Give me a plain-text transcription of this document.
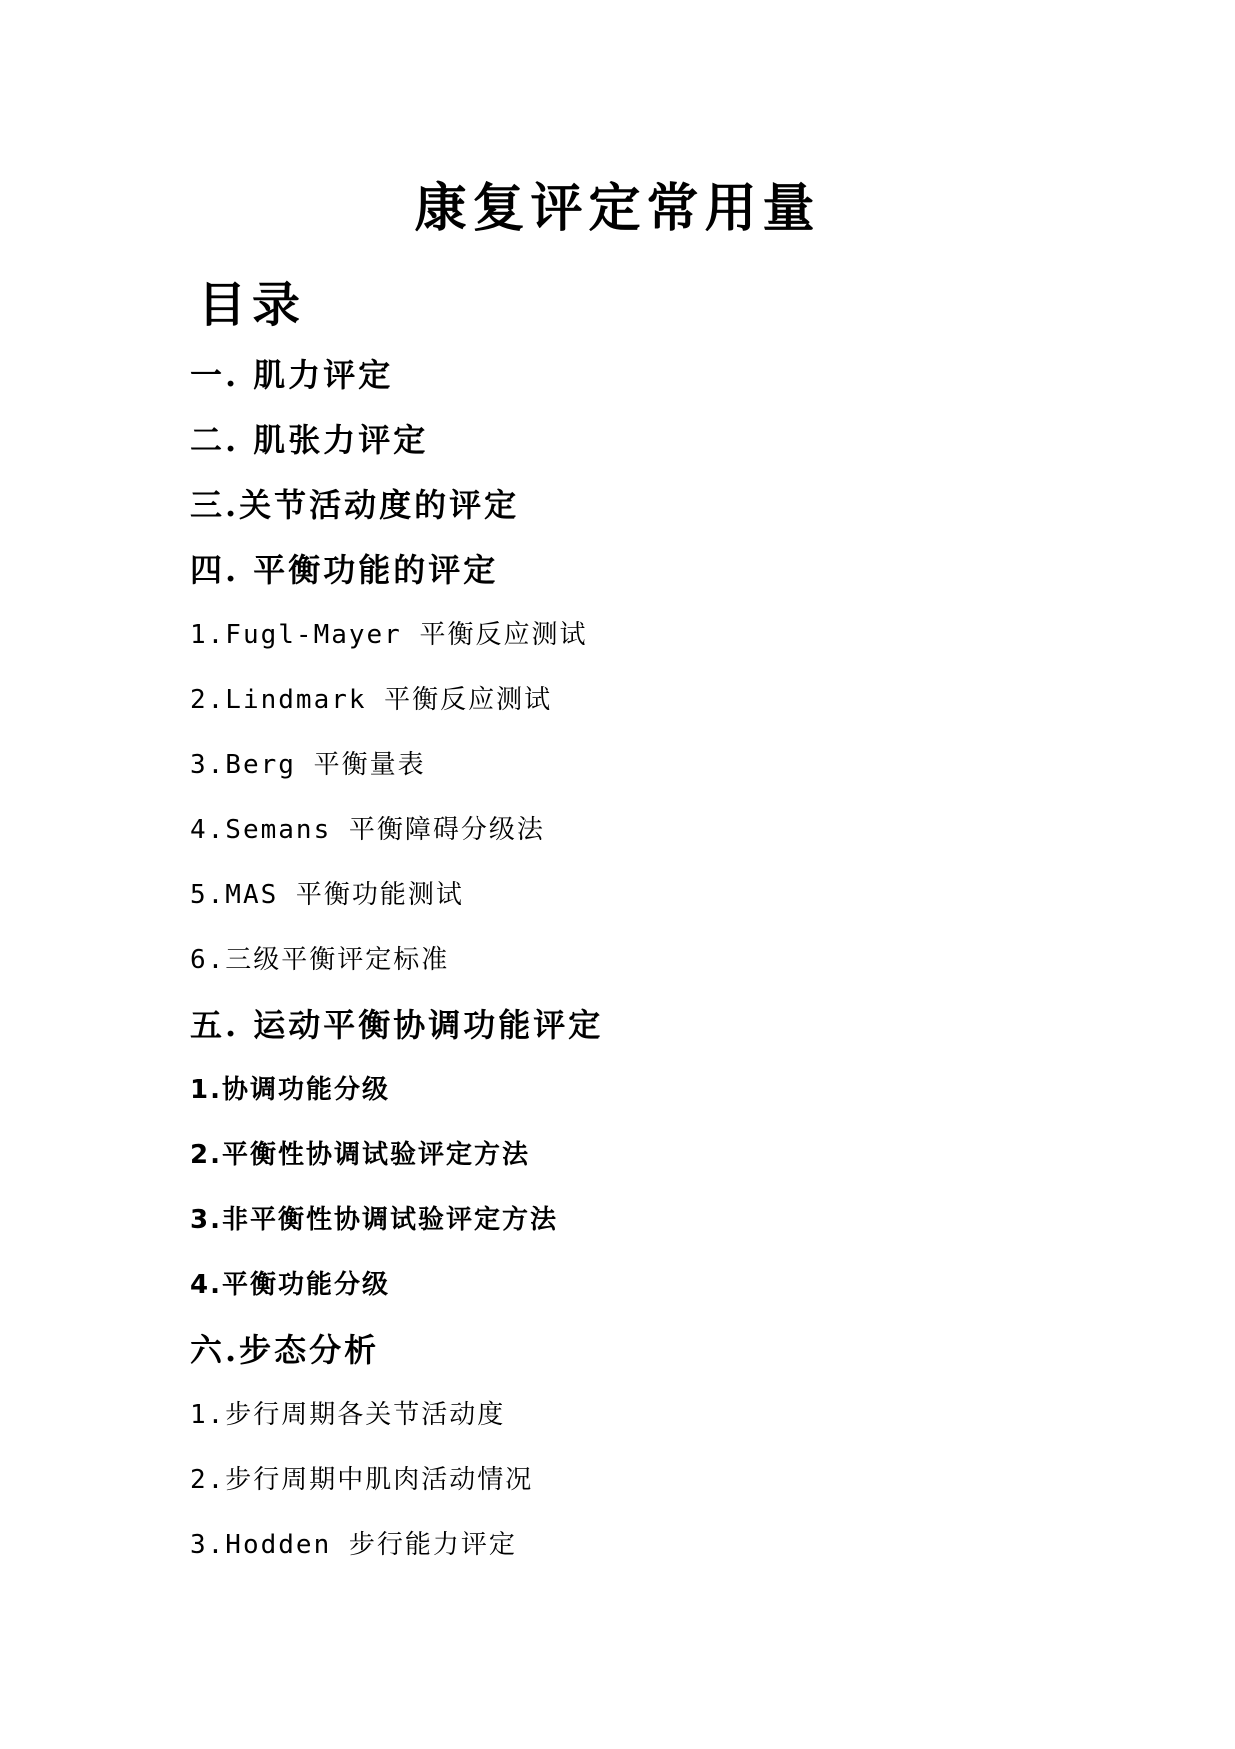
康复评定常用量
目录
一. 肌力评定
二. 肌张力评定
三.关节活动度的评定
四. 平衡功能的评定
1.Fugl-Mayer 平衡反应测试
2.Lindmark 平衡反应测试
3.Berg 平衡量表
4.Semans 平衡障碍分级法
5.MAS 平衡功能测试
6.三级平衡评定标准
五. 运动平衡协调功能评定
1.协调功能分级
2.平衡性协调试验评定方法
3.非平衡性协调试验评定方法
4.平衡功能分级
六.步态分析
1.步行周期各关节活动度
2.步行周期中肌肉活动情况
3.Hodden 步行能力评定
